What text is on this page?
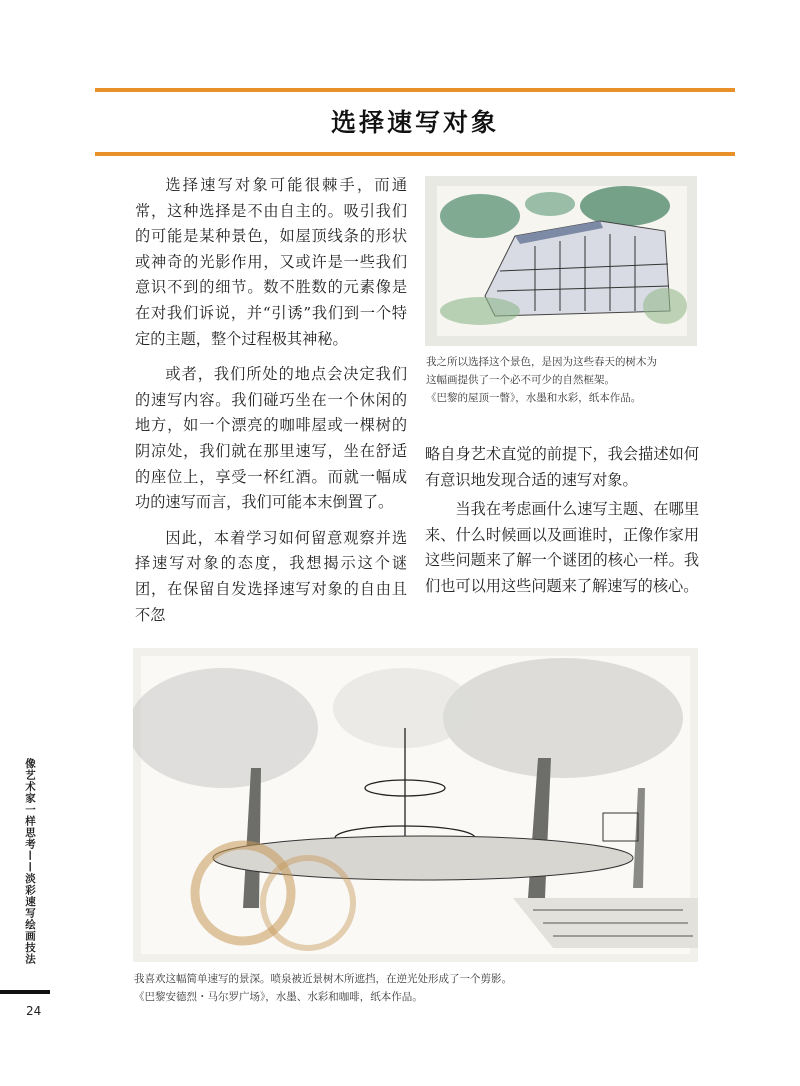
选择速写对象

选择速写对象可能很棘手，而通常，这种选择是不由自主的。吸引我们的可能是某种景色，如屋顶线条的形状或神奇的光影作用，又或许是一些我们意识不到的细节。数不胜数的元素像是在对我们诉说，并“引诱”我们到一个特定的主题，整个过程极其神秘。

或者，我们所处的地点会决定我们的速写内容。我们碰巧坐在一个休闲的地方，如一个漂亮的咖啡屋或一棵树的阴凉处，我们就在那里速写，坐在舒适的座位上，享受一杯红酒。而就一幅成功的速写而言，我们可能本末倒置了。

因此，本着学习如何留意观察并选择速写对象的态度，我想揭示这个谜团，在保留自发选择速写对象的自由且不忽

我之所以选择这个景色，是因为这些春天的树木为
这幅画提供了一个必不可少的自然框架。
《巴黎的屋顶一瞥》，水墨和水彩，纸本作品。

略自身艺术直觉的前提下，我会描述如何有意识地发现合适的速写对象。

当我在考虑画什么速写主题、在哪里来、什么时候画以及画谁时，正像作家用这些问题来了解一个谜团的核心一样。我们也可以用这些问题来了解速写的核心。

我喜欢这幅简单速写的景深。喷泉被近景树木所遮挡，在逆光处形成了一个剪影。
《巴黎安德烈・马尔罗广场》，水墨、水彩和咖啡，纸本作品。
像艺术家一样思考——淡彩速写绘画技法
24
